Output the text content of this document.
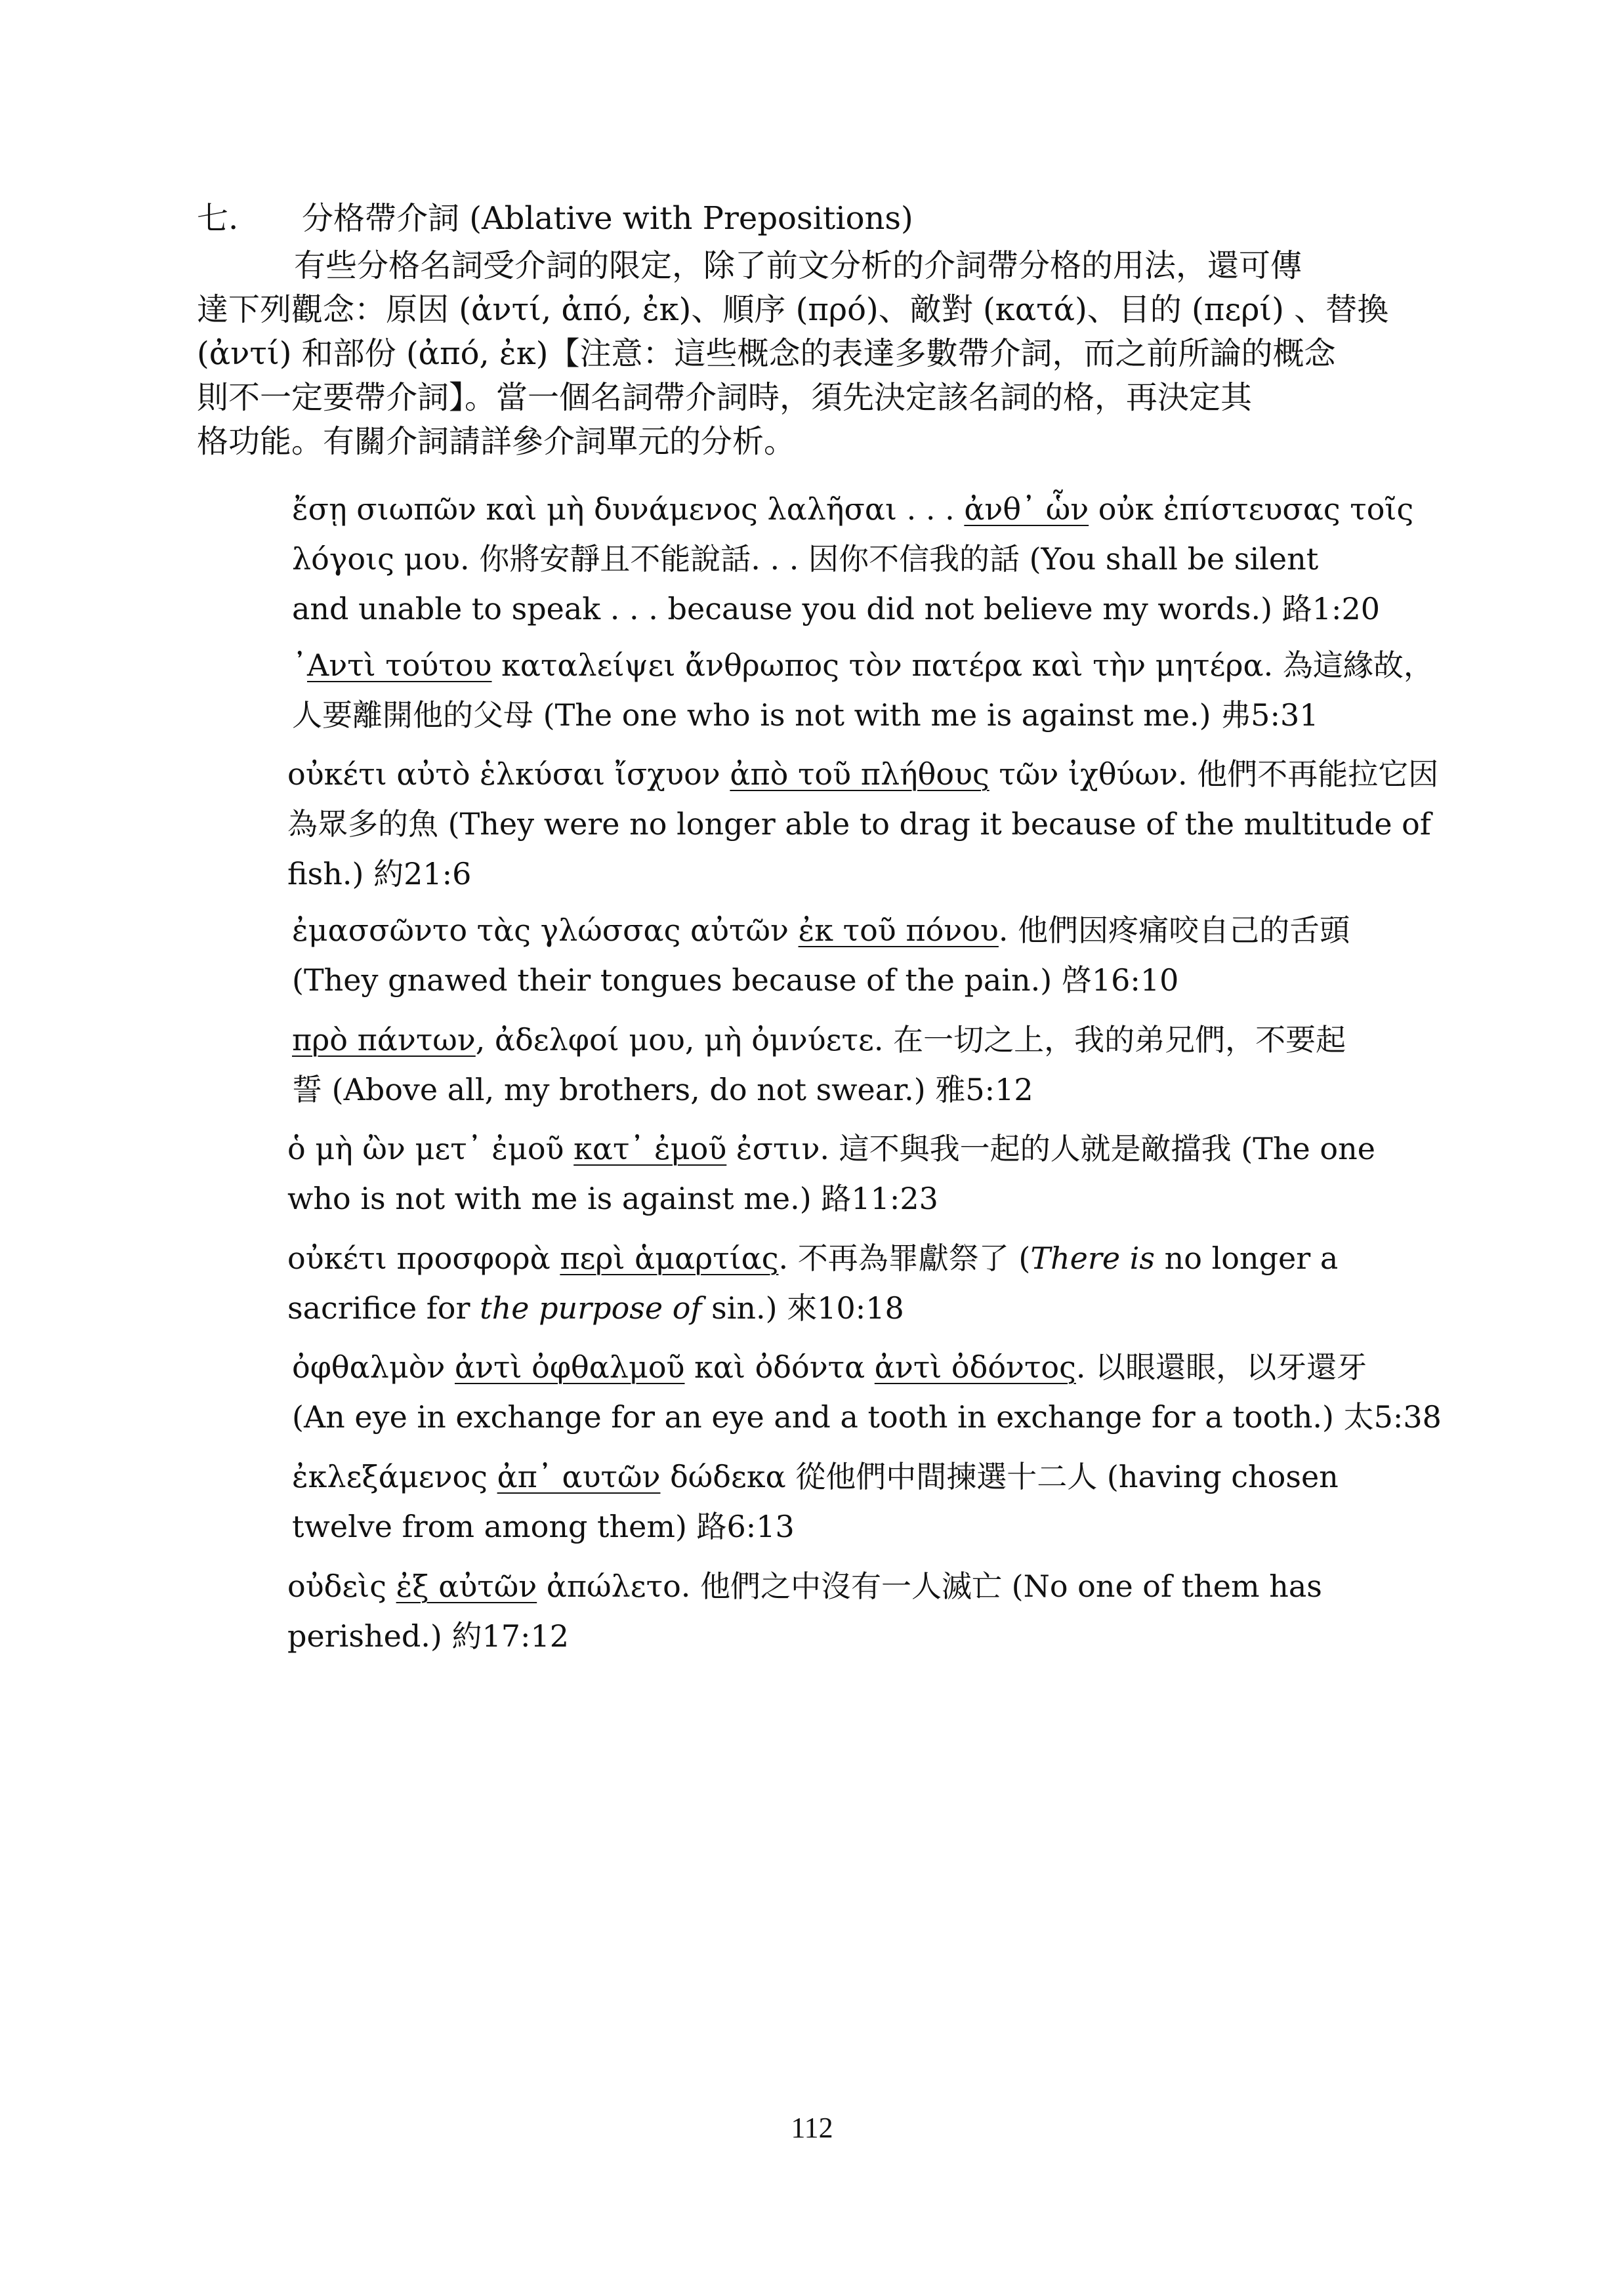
七. 分格帶介詞 (Ablative with Prepositions)
有些分格名詞受介詞的限定，除了前文分析的介詞帶分格的用法，還可傳
達下列觀念：原因 (ἀντί, ἀπό, ἐκ)、順序 (πρό)、敵對 (κατά)、目的 (περί) 、替換
(ἀντί) 和部份 (ἀπό, ἐκ)【注意：這些概念的表達多數帶介詞，而之前所論的概念
則不一定要帶介詞】。當一個名詞帶介詞時，須先決定該名詞的格，再決定其
格功能。有關介詞請詳參介詞單元的分析。
ἔσῃ σιωπῶν καὶ μὴ δυνάμενος λαλῆσαι . . . ἀνθ᾿ ὧν οὐκ ἐπίστευσας τοῖς
λόγοις μου. 你將安靜且不能說話. . . 因你不信我的話 (You shall be silent
and unable to speak . . . because you did not believe my words.) 路1:20
᾿Αντὶ τούτου καταλείψει ἄνθρωπος τὸν πατέρα καὶ τὴν μητέρα. 為這緣故，
人要離開他的父母 (The one who is not with me is against me.) 弗5:31
οὐκέτι αὐτὸ ἑλκύσαι ἴσχυον ἀπὸ τοῦ πλήθους τῶν ἰχθύων. 他們不再能拉它因
為眾多的魚 (They were no longer able to drag it because of the multitude of
fish.) 約21:6
ἐμασσῶντο τὰς γλώσσας αὐτῶν ἐκ τοῦ πόνου. 他們因疼痛咬自己的舌頭
(They gnawed their tongues because of the pain.) 啓16:10
πρὸ πάντων, ἀδελφοί μου, μὴ ὀμνύετε. 在一切之上，我的弟兄們，不要起
誓 (Above all, my brothers, do not swear.) 雅5:12
ὁ μὴ ὢν μετ᾿ ἐμοῦ κατ᾿ ἐμοῦ ἐστιν. 這不與我一起的人就是敵擋我 (The one
who is not with me is against me.) 路11:23
οὐκέτι προσφορὰ περὶ ἁμαρτίας. 不再為罪獻祭了 (There is no longer a
sacrifice for the purpose of sin.) 來10:18
ὀφθαλμὸν ἀντὶ ὀφθαλμοῦ καὶ ὀδόντα ἀντὶ ὀδόντος. 以眼還眼，以牙還牙
(An eye in exchange for an eye and a tooth in exchange for a tooth.) 太5:38
ἐκλεξάμενος ἀπ᾿ αυτῶν δώδεκα 從他們中間揀選十二人 (having chosen
twelve from among them) 路6:13
οὐδεὶς ἐξ αὐτῶν ἀπώλετο. 他們之中沒有一人滅亡 (No one of them has
perished.) 約17:12
112
